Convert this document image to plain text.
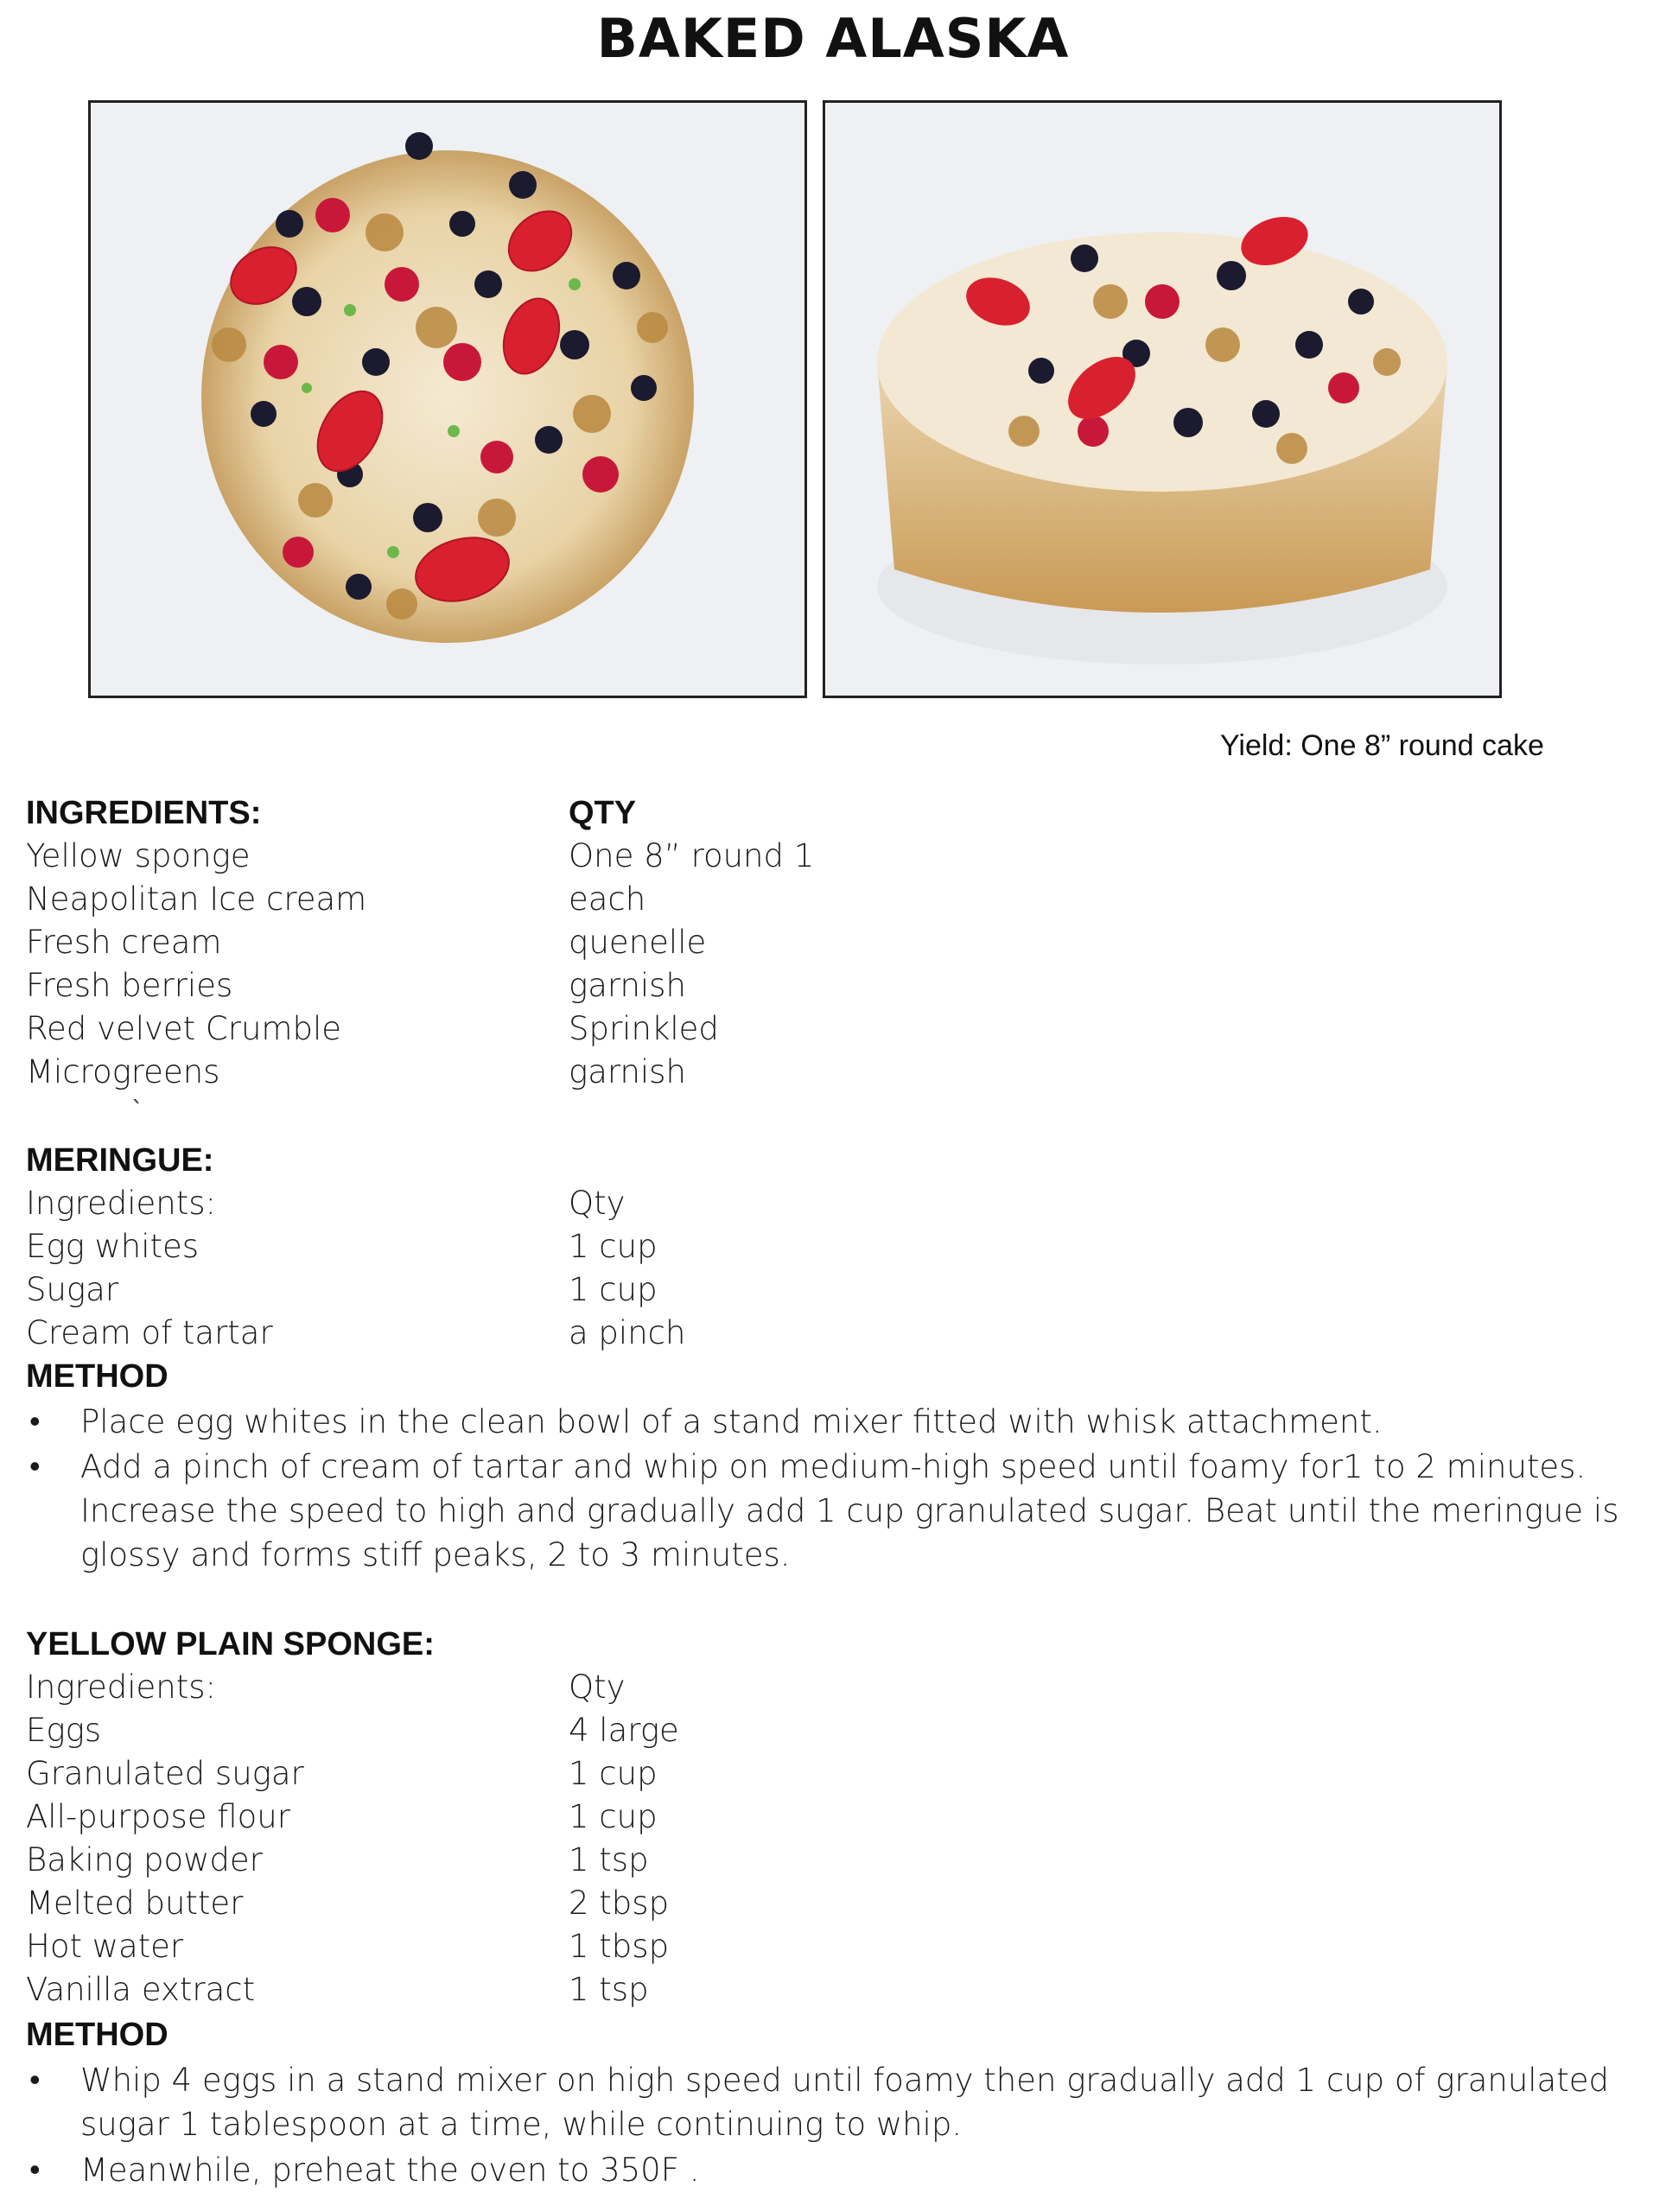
BAKED ALASKA
Yield: One 8” round cake
INGREDIENTS:	QTY
Yellow sponge	One 8” round 1
Neapolitan Ice cream	each
Fresh cream	quenelle
Fresh berries	garnish
Red velvet Crumble	Sprinkled
Microgreens	garnish
`
MERINGUE:
Ingredients:	Qty
Egg whites	1 cup
Sugar	1 cup
Cream of tartar	a pinch
METHOD
• Place egg whites in the clean bowl of a stand mixer fitted with whisk attachment.
• Add a pinch of cream of tartar and whip on medium-high speed until foamy for1 to 2 minutes. Increase the speed to high and gradually add 1 cup granulated sugar. Beat until the meringue is glossy and forms stiff peaks, 2 to 3 minutes.
YELLOW PLAIN SPONGE:
Ingredients:	Qty
Eggs	4 large
Granulated sugar	1 cup
All-purpose flour	1 cup
Baking powder	1 tsp
Melted butter	2 tbsp
Hot water	1 tbsp
Vanilla extract	1 tsp
METHOD
• Whip 4 eggs in a stand mixer on high speed until foamy then gradually add 1 cup of granulated sugar 1 tablespoon at a time, while continuing to whip.
• Meanwhile, preheat the oven to 350F .
